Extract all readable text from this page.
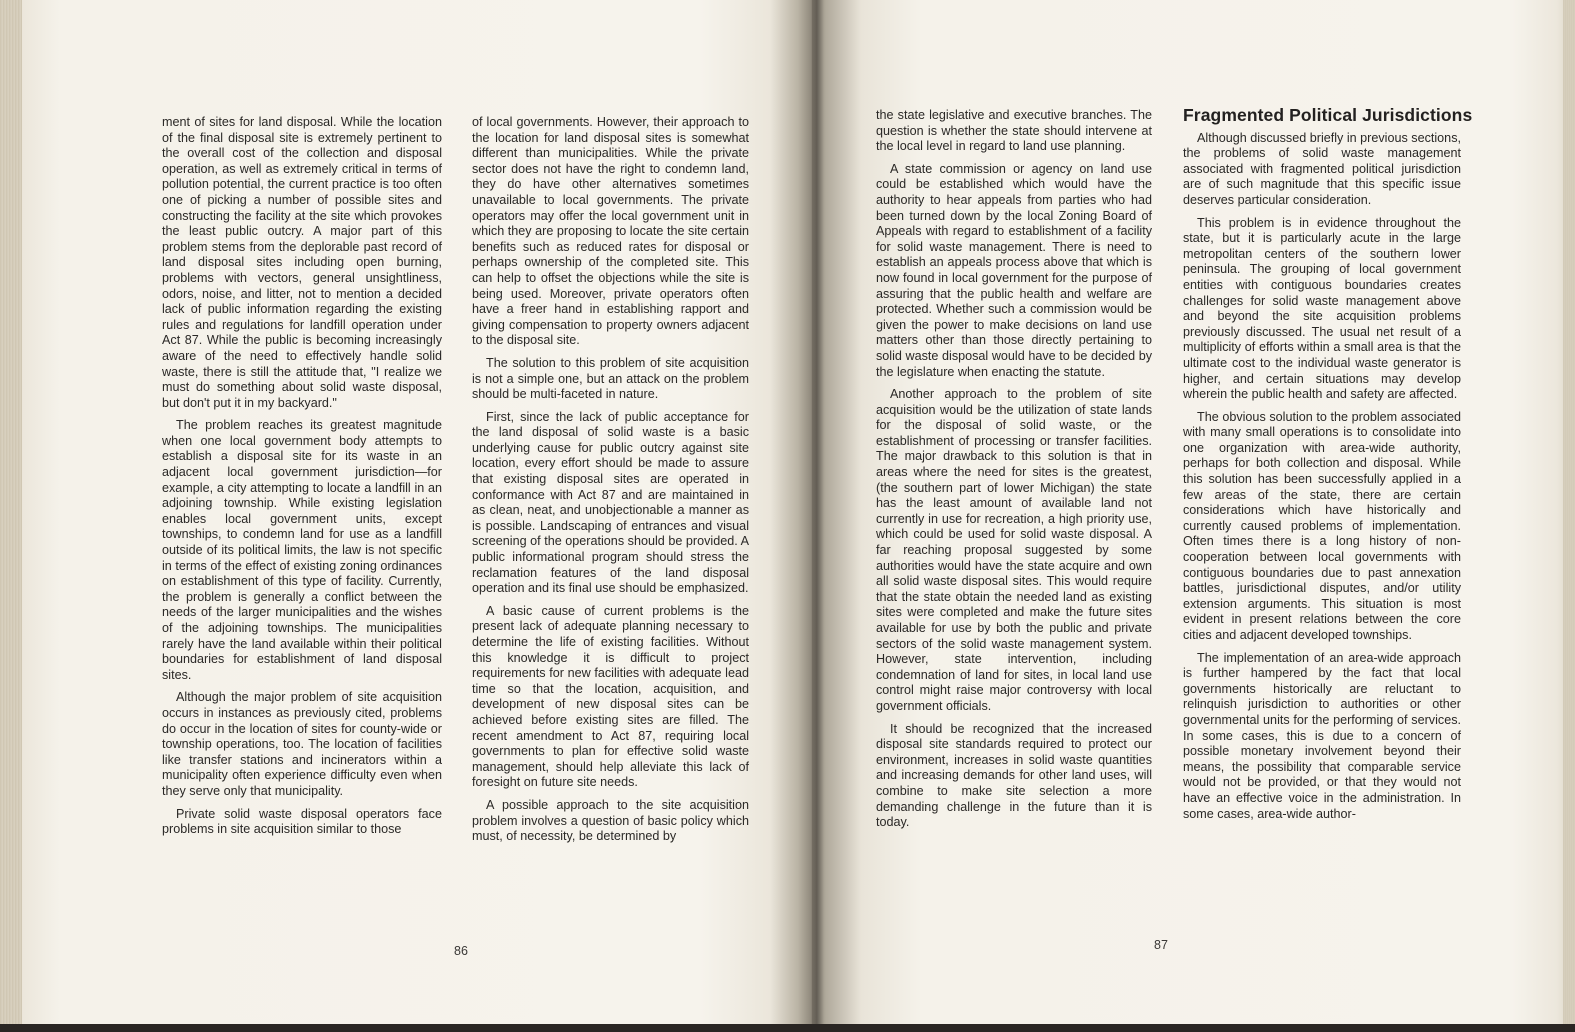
ment of sites for land disposal. While the location of the final disposal site is extremely pertinent to the overall cost of the collection and disposal operation, as well as extremely critical in terms of pollution potential, the current practice is too often one of picking a number of possible sites and constructing the facility at the site which provokes the least public outcry. A major part of this problem stems from the deplorable past record of land disposal sites including open burning, problems with vectors, general unsightliness, odors, noise, and litter, not to mention a decided lack of public information regarding the existing rules and regulations for landfill operation under Act 87. While the public is becoming increasingly aware of the need to effectively handle solid waste, there is still the attitude that, "I realize we must do something about solid waste disposal, but don't put it in my backyard."

The problem reaches its greatest magnitude when one local government body attempts to establish a disposal site for its waste in an adjacent local government jurisdiction—for example, a city attempting to locate a landfill in an adjoining township. While existing legislation enables local government units, except townships, to condemn land for use as a landfill outside of its political limits, the law is not specific in terms of the effect of existing zoning ordinances on establishment of this type of facility. Currently, the problem is generally a conflict between the needs of the larger municipalities and the wishes of the adjoining townships. The municipalities rarely have the land available within their political boundaries for establishment of land disposal sites.

Although the major problem of site acquisition occurs in instances as previously cited, problems do occur in the location of sites for county-wide or township operations, too. The location of facilities like transfer stations and incinerators within a municipality often experience difficulty even when they serve only that municipality.

Private solid waste disposal operators face problems in site acquisition similar to those

of local governments. However, their approach to the location for land disposal sites is somewhat different than municipalities. While the private sector does not have the right to condemn land, they do have other alternatives sometimes unavailable to local governments. The private operators may offer the local government unit in which they are proposing to locate the site certain benefits such as reduced rates for disposal or perhaps ownership of the completed site. This can help to offset the objections while the site is being used. Moreover, private operators often have a freer hand in establishing rapport and giving compensation to property owners adjacent to the disposal site.

The solution to this problem of site acquisition is not a simple one, but an attack on the problem should be multi-faceted in nature.

First, since the lack of public acceptance for the land disposal of solid waste is a basic underlying cause for public outcry against site location, every effort should be made to assure that existing disposal sites are operated in conformance with Act 87 and are maintained in as clean, neat, and unobjectionable a manner as is possible. Landscaping of entrances and visual screening of the operations should be provided. A public informational program should stress the reclamation features of the land disposal operation and its final use should be emphasized.

A basic cause of current problems is the present lack of adequate planning necessary to determine the life of existing facilities. Without this knowledge it is difficult to project requirements for new facilities with adequate lead time so that the location, acquisition, and development of new disposal sites can be achieved before existing sites are filled. The recent amendment to Act 87, requiring local governments to plan for effective solid waste management, should help alleviate this lack of foresight on future site needs.

A possible approach to the site acquisition problem involves a question of basic policy which must, of necessity, be determined by

86

the state legislative and executive branches. The question is whether the state should intervene at the local level in regard to land use planning.

A state commission or agency on land use could be established which would have the authority to hear appeals from parties who had been turned down by the local Zoning Board of Appeals with regard to establishment of a facility for solid waste management. There is need to establish an appeals process above that which is now found in local government for the purpose of assuring that the public health and welfare are protected. Whether such a commission would be given the power to make decisions on land use matters other than those directly pertaining to solid waste disposal would have to be decided by the legislature when enacting the statute.

Another approach to the problem of site acquisition would be the utilization of state lands for the disposal of solid waste, or the establishment of processing or transfer facilities. The major drawback to this solution is that in areas where the need for sites is the greatest, (the southern part of lower Michigan) the state has the least amount of available land not currently in use for recreation, a high priority use, which could be used for solid waste disposal. A far reaching proposal suggested by some authorities would have the state acquire and own all solid waste disposal sites. This would require that the state obtain the needed land as existing sites were completed and make the future sites available for use by both the public and private sectors of the solid waste management system. However, state intervention, including condemnation of land for sites, in local land use control might raise major controversy with local government officials.

It should be recognized that the increased disposal site standards required to protect our environment, increases in solid waste quantities and increasing demands for other land uses, will combine to make site selection a more demanding challenge in the future than it is today.

Fragmented Political Jurisdictions

Although discussed briefly in previous sections, the problems of solid waste management associated with fragmented political jurisdiction are of such magnitude that this specific issue deserves particular consideration.

This problem is in evidence throughout the state, but it is particularly acute in the large metropolitan centers of the southern lower peninsula. The grouping of local government entities with contiguous boundaries creates challenges for solid waste management above and beyond the site acquisition problems previously discussed. The usual net result of a multiplicity of efforts within a small area is that the ultimate cost to the individual waste generator is higher, and certain situations may develop wherein the public health and safety are affected.

The obvious solution to the problem associated with many small operations is to consolidate into one organization with area-wide authority, perhaps for both collection and disposal. While this solution has been successfully applied in a few areas of the state, there are certain considerations which have historically and currently caused problems of implementation. Often times there is a long history of non-cooperation between local governments with contiguous boundaries due to past annexation battles, jurisdictional disputes, and/or utility extension arguments. This situation is most evident in present relations between the core cities and adjacent developed townships.

The implementation of an area-wide approach is further hampered by the fact that local governments historically are reluctant to relinquish jurisdiction to authorities or other governmental units for the performing of services. In some cases, this is due to a concern of possible monetary involvement beyond their means, the possibility that comparable service would not be provided, or that they would not have an effective voice in the administration. In some cases, area-wide author-

87
